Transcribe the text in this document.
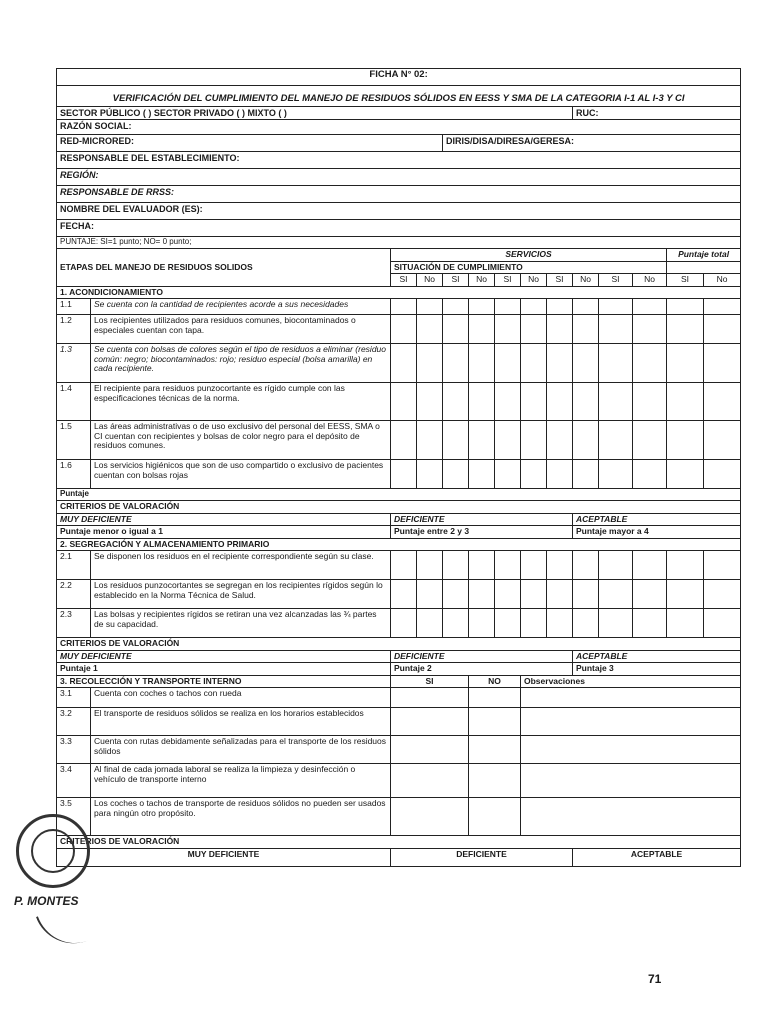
FICHA N° 02:													
VERIFICACIÓN DEL CUMPLIMIENTO DEL MANEJO DE RESIDUOS SÓLIDOS EN EESS Y SMA DE LA CATEGORIA I-1 AL I-3 Y CI													
SECTOR PÚBLICO ( ) SECTOR PRIVADO ( ) MIXTO ( )									RUC:				
RAZÓN SOCIAL:													
RED-MICRORED:				DIRIS/DISA/DIRESA/GERESA:									
RESPONSABLE DEL ESTABLECIMIENTO:													
REGIÓN:													
RESPONSABLE DE RRSS:													
NOMBRE DEL EVALUADOR (ES):													
FECHA:													
PUNTAJE: SI=1 punto; NO= 0 punto;													
ETAPAS DEL MANEJO DE RESIDUOS SOLIDOS		SERVICIOS										Puntaje total	
		SITUACIÓN DE CUMPLIMIENTO											
		SI	No	SI	No	SI	No	SI	No	SI	No	SI	No
1. ACONDICIONAMIENTO													
1.1	Se cuenta con la cantidad de recipientes acorde a sus necesidades												
1.2	Los recipientes utilizados para residuos comunes, biocontaminados o especiales cuentan con tapa.												
1.3	Se cuenta con bolsas de colores según el tipo de residuos a eliminar (residuo común: negro; biocontaminados: rojo; residuo especial (bolsa amarilla) en cada recipiente.												
1.4	El recipiente para residuos punzocortante es rígido cumple con las especificaciones técnicas de la norma.												
1.5	Las áreas administrativas o de uso exclusivo del personal del EESS, SMA o CI cuentan con recipientes y bolsas de color negro para el depósito de residuos comunes.												
1.6	Los servicios higiénicos que son de uso compartido o exclusivo de pacientes cuentan con bolsas rojas												
Puntaje													
CRITERIOS DE VALORACIÓN													
MUY DEFICIENTE		DEFICIENTE							ACEPTABLE				
Puntaje menor o igual a 1		Puntaje entre 2 y 3							Puntaje mayor a 4				
2. SEGREGACIÓN Y ALMACENAMIENTO PRIMARIO													
2.1	Se disponen los residuos en el recipiente correspondiente según su clase.												
2.2	Los residuos punzocortantes se segregan en los recipientes rígidos según lo establecido en la Norma Técnica de Salud.												
2.3	Las bolsas y recipientes rígidos se retiran una vez alcanzadas las ¾ partes de su capacidad.												
CRITERIOS DE VALORACIÓN													
MUY DEFICIENTE		DEFICIENTE							ACEPTABLE				
Puntaje 1		Puntaje 2							Puntaje 3				
3. RECOLECCIÓN Y TRANSPORTE INTERNO		SI			NO		Observaciones						
3.1	Cuenta con coches o tachos con rueda												
3.2	El transporte de residuos sólidos se realiza en los horarios establecidos												
3.3	Cuenta con rutas debidamente señalizadas para el transporte de los residuos sólidos												
3.4	Al final de cada jornada laboral se realiza la limpieza y desinfección o vehículo de transporte interno												
3.5	Los coches o tachos de transporte de residuos sólidos no pueden ser usados para ningún otro propósito.												
CRITERIOS DE VALORACIÓN													
MUY DEFICIENTE		DEFICIENTE							ACEPTABLE				
P. MONTES
71
